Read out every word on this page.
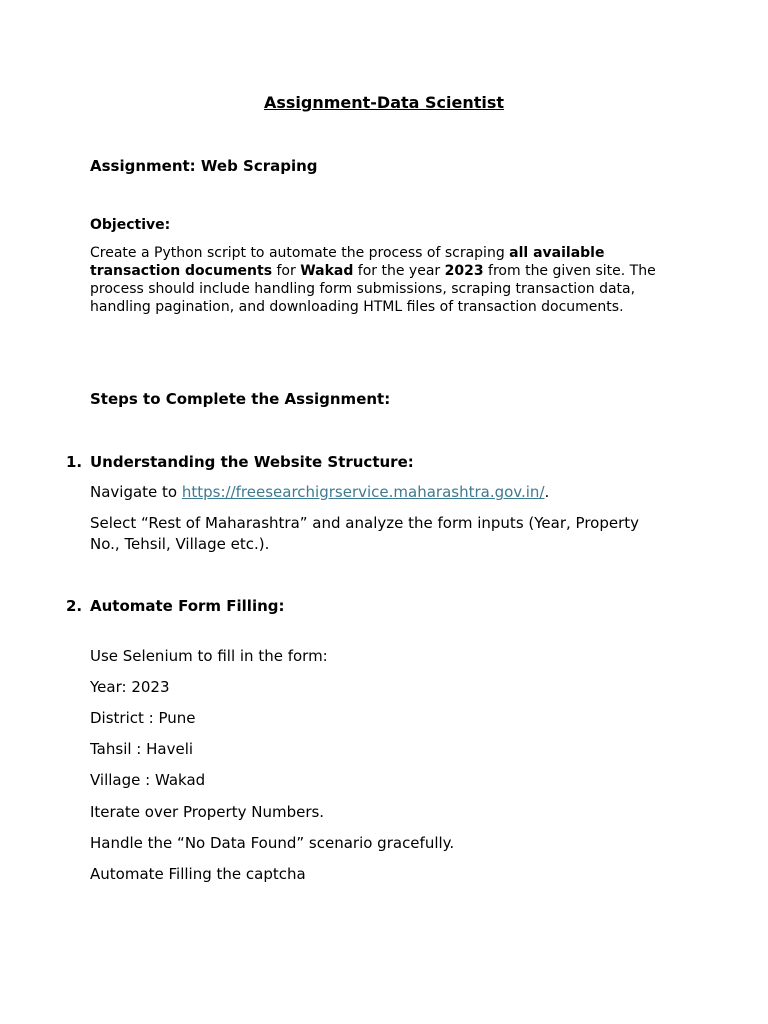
Assignment-Data Scientist
Assignment: Web Scraping
Objective:

Create a Python script to automate the process of scraping all available transaction documents for Wakad for the year 2023 from the given site. The process should include handling form submissions, scraping transaction data, handling pagination, and downloading HTML files of transaction documents.

Steps to Complete the Assignment:
1. Understanding the Website Structure:

Navigate to https://freesearchigrservice.maharashtra.gov.in/.

Select “Rest of Maharashtra” and analyze the form inputs (Year, Property No., Tehsil, Village etc.).

2. Automate Form Filling:

Use Selenium to fill in the form:

Year: 2023

District : Pune

Tahsil : Haveli

Village : Wakad

Iterate over Property Numbers.

Handle the “No Data Found” scenario gracefully.

Automate Filling the captcha
